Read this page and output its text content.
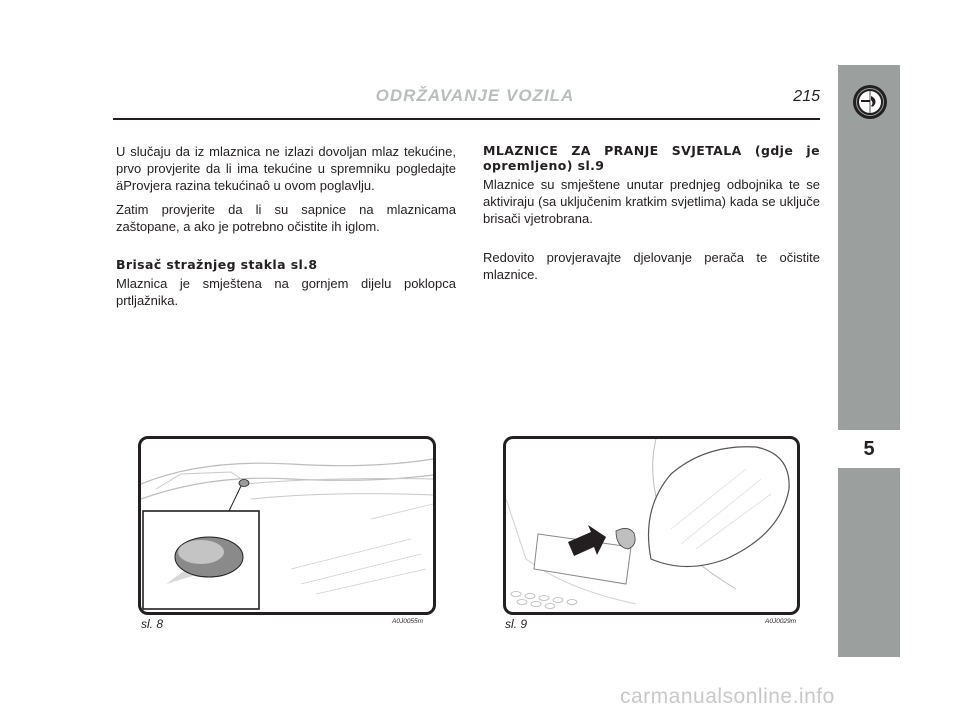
ODRŽAVANJE VOZILA	215
5

U slučaju da iz mlaznica ne izlazi dovoljan mlaz tekućine, prvo provjerite da li ima tekućine u spremniku pogledajte äProvjera razina tekućinaô u ovom poglavlju.

Zatim provjerite da li su sapnice na mlaznicama zaštopane, a ako je potrebno očistite ih iglom.

Brisač stražnjeg stakla sl.8

Mlaznica je smještena na gornjem dijelu poklopca prtljažnika.

MLAZNICE ZA PRANJE SVJETALA (gdje je opremljeno) sl.9

Mlaznice su smještene unutar prednjeg odbojnika te se aktiviraju (sa uključenim kratkim svjetlima) kada se uključe brisači vjetrobrana.

Redovito provjeravajte djelovanje perača te očistite mlaznice.

sl. 8	A0J0055m	sl. 9	A0J0029m
carmanualsonline.info
